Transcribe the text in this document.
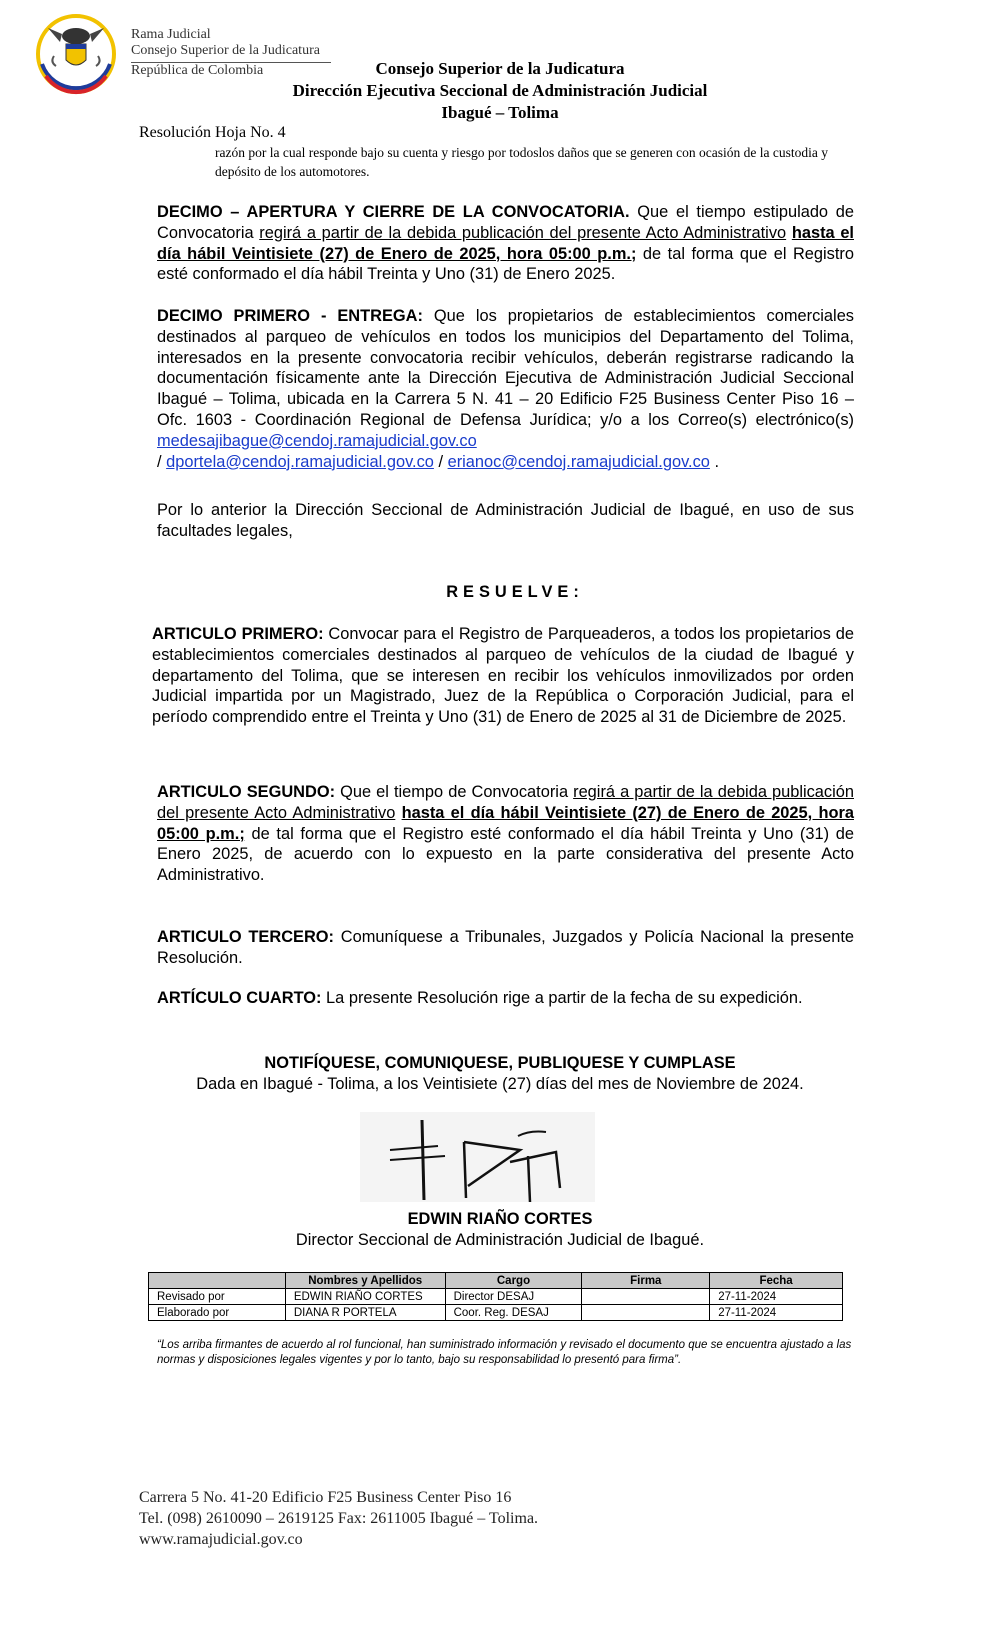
Rama Judicial
Consejo Superior de la Judicatura
República de Colombia	Consejo Superior de la Judicatura
Dirección Ejecutiva Seccional de Administración Judicial
Ibagué – Tolima
Resolución Hoja No. 4
razón por la cual responde bajo su cuenta y riesgo por todoslos daños que se generen con ocasión de la custodia y depósito de los automotores.
DECIMO – APERTURA Y CIERRE DE LA CONVOCATORIA. Que el tiempo estipulado de Convocatoria regirá a partir de la debida publicación del presente Acto Administrativo hasta el día hábil Veintisiete (27) de Enero de 2025, hora 05:00 p.m.; de tal forma que el Registro esté conformado el día hábil Treinta y Uno (31) de Enero 2025.
DECIMO PRIMERO - ENTREGA: Que los propietarios de establecimientos comerciales destinados al parqueo de vehículos en todos los municipios del Departamento del Tolima, interesados en la presente convocatoria recibir vehículos, deberán registrarse radicando la documentación físicamente ante la Dirección Ejecutiva de Administración Judicial Seccional Ibagué – Tolima, ubicada en la Carrera 5 N. 41 – 20 Edificio F25 Business Center Piso 16 – Ofc. 1603 - Coordinación Regional de Defensa Jurídica; y/o a los Correo(s) electrónico(s) medesajibague@cendoj.ramajudicial.gov.co
/ dportela@cendoj.ramajudicial.gov.co / erianoc@cendoj.ramajudicial.gov.co .
Por lo anterior la Dirección Seccional de Administración Judicial de Ibagué, en uso de sus facultades legales,
RESUELVE:
ARTICULO PRIMERO: Convocar para el Registro de Parqueaderos, a todos los propietarios de establecimientos comerciales destinados al parqueo de vehículos de la ciudad de Ibagué y departamento del Tolima, que se interesen en recibir los vehículos inmovilizados por orden Judicial impartida por un Magistrado, Juez de la República o Corporación Judicial, para el período comprendido entre el Treinta y Uno (31) de Enero de 2025 al 31 de Diciembre de 2025.
ARTICULO SEGUNDO: Que el tiempo de Convocatoria regirá a partir de la debida publicación del presente Acto Administrativo hasta el día hábil Veintisiete (27) de Enero de 2025, hora 05:00 p.m.; de tal forma que el Registro esté conformado el día hábil Treinta y Uno (31) de Enero 2025, de acuerdo con lo expuesto en la parte considerativa del presente Acto Administrativo.
ARTICULO TERCERO: Comuníquese a Tribunales, Juzgados y Policía Nacional la presente Resolución.
ARTÍCULO CUARTO: La presente Resolución rige a partir de la fecha de su expedición.
NOTIFÍQUESE, COMUNIQUESE, PUBLIQUESE Y CUMPLASE
Dada en Ibagué - Tolima, a los Veintisiete (27) días del mes de Noviembre de 2024.
EDWIN RIAÑO CORTES
Director Seccional de Administración Judicial de Ibagué.
	Nombres y Apellidos	Cargo	Firma	Fecha
Revisado por	EDWIN RIAÑO CORTES	Director DESAJ		27-11-2024
Elaborado por	DIANA R PORTELA	Coor. Reg. DESAJ		27-11-2024
“Los arriba firmantes de acuerdo al rol funcional, han suministrado información y revisado el documento que se encuentra ajustado a las normas y disposiciones legales vigentes y por lo tanto, bajo su responsabilidad lo presentó para firma”.
Carrera 5 No. 41-20 Edificio F25 Business Center Piso 16
Tel. (098) 2610090 – 2619125 Fax: 2611005 Ibagué – Tolima.
www.ramajudicial.gov.co
